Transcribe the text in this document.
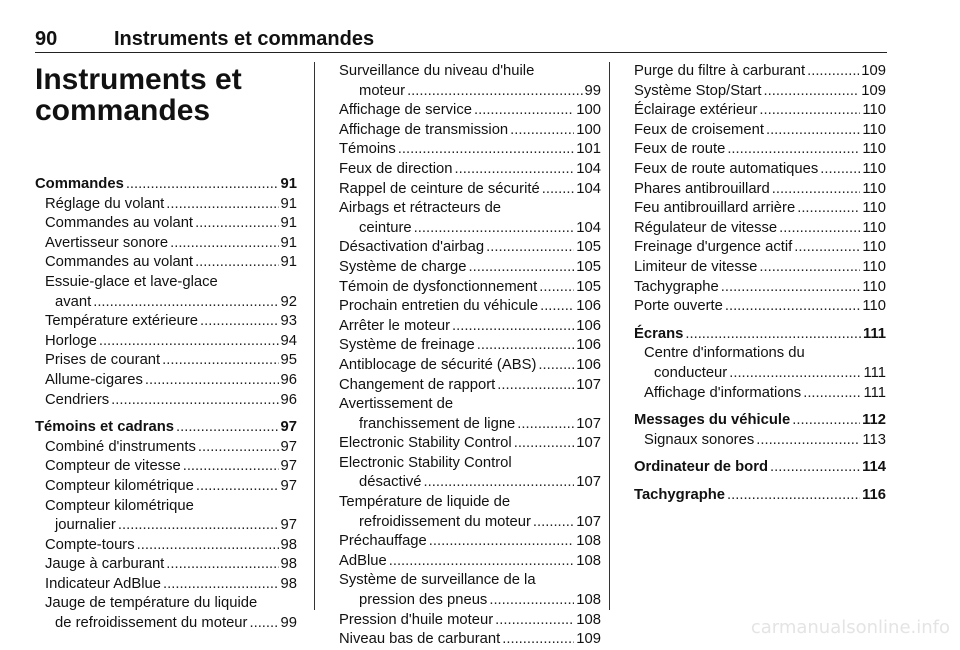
90	Instruments et commandes
Instruments et
commandes
Commandes .....	91
Réglage du volant .....	91
Commandes au volant .....	91
Avertisseur sonore .....	91
Commandes au volant .....	91
Essuie-glace et lave-glace
avant .....	92
Température extérieure .....	93
Horloge .....	94
Prises de courant .....	95
Allume-cigares .....	96
Cendriers .....	96
Témoins et cadrans .....	97
Combiné d'instruments .....	97
Compteur de vitesse .....	97
Compteur kilométrique .....	97
Compteur kilométrique
journalier .....	97
Compte-tours .....	98
Jauge à carburant .....	98
Indicateur AdBlue .....	98
Jauge de température du liquide
de refroidissement du moteur ..... 99
Surveillance du niveau d'huile
moteur .....	99
Affichage de service .....	100
Affichage de transmission .....	100
Témoins .....	101
Feux de direction .....	104
Rappel de ceinture de sécurité ..... 104
Airbags et rétracteurs de
ceinture .....	104
Désactivation d'airbag .....	105
Système de charge .....	105
Témoin de dysfonctionnement .....	105
Prochain entretien du véhicule .....	106
Arrêter le moteur .....	106
Système de freinage .....	106
Antiblocage de sécurité (ABS) .....	106
Changement de rapport .....	107
Avertissement de
franchissement de ligne .....	107
Electronic Stability Control .....	107
Electronic Stability Control
désactivé .....	107
Température de liquide de
refroidissement du moteur .....	107
Préchauffage .....	108
AdBlue .....	108
Système de surveillance de la
pression des pneus .....	108
Pression d'huile moteur .....	108
Niveau bas de carburant .....	109
Purge du filtre à carburant .....	109
Système Stop/Start .....	109
Éclairage extérieur .....	110
Feux de croisement .....	110
Feux de route .....	110
Feux de route automatiques .....	110
Phares antibrouillard .....	110
Feu antibrouillard arrière .....	110
Régulateur de vitesse .....	110
Freinage d'urgence actif .....	110
Limiteur de vitesse .....	110
Tachygraphe .....	110
Porte ouverte .....	110
Écrans .....	111
Centre d'informations du
conducteur .....	111
Affichage d'informations .....	111
Messages du véhicule .....	112
Signaux sonores .....	113
Ordinateur de bord .....	114
Tachygraphe .....	116
carmanualsonline.info
